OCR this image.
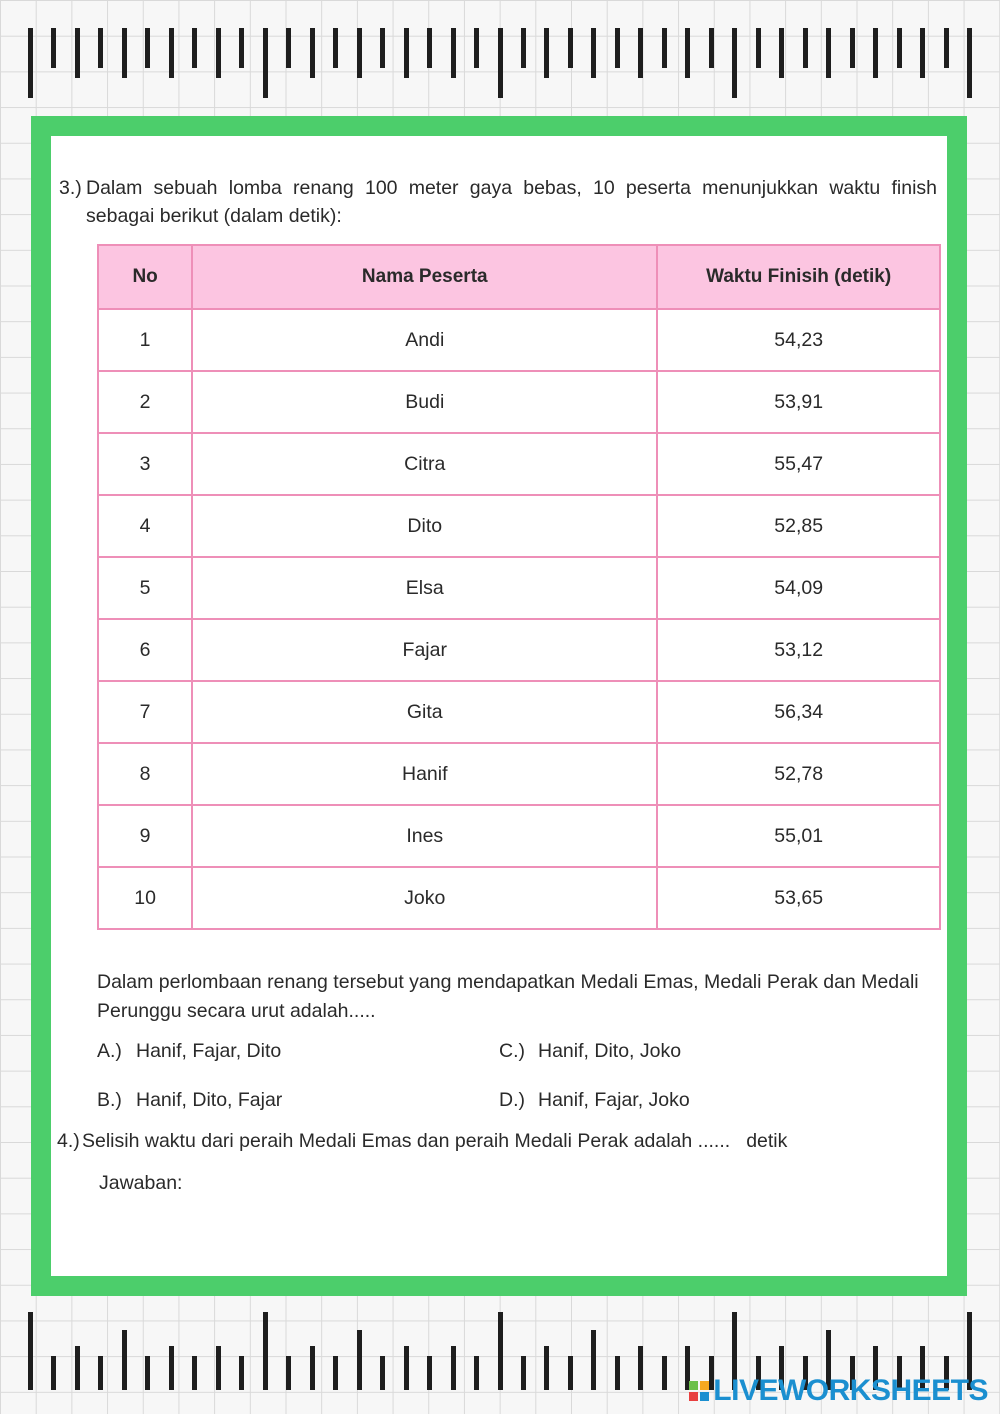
3.) Dalam sebuah lomba renang 100 meter gaya bebas, 10 peserta menunjukkan waktu finish sebagai berikut (dalam detik):
No	Nama Peserta	Waktu Finisih (detik)
1	Andi	54,23
2	Budi	53,91
3	Citra	55,47
4	Dito	52,85
5	Elsa	54,09
6	Fajar	53,12
7	Gita	56,34
8	Hanif	52,78
9	Ines	55,01
10	Joko	53,65
Dalam perlombaan renang tersebut yang mendapatkan Medali Emas, Medali Perak dan Medali Perunggu secara urut adalah.....
A.) Hanif, Fajar, Dito	C.) Hanif, Dito, Joko
B.) Hanif, Dito, Fajar	D.) Hanif, Fajar, Joko
4.) Selisih waktu dari peraih Medali Emas dan peraih Medali Perak adalah ...... detik
Jawaban:
LIVEWORKSHEETS
